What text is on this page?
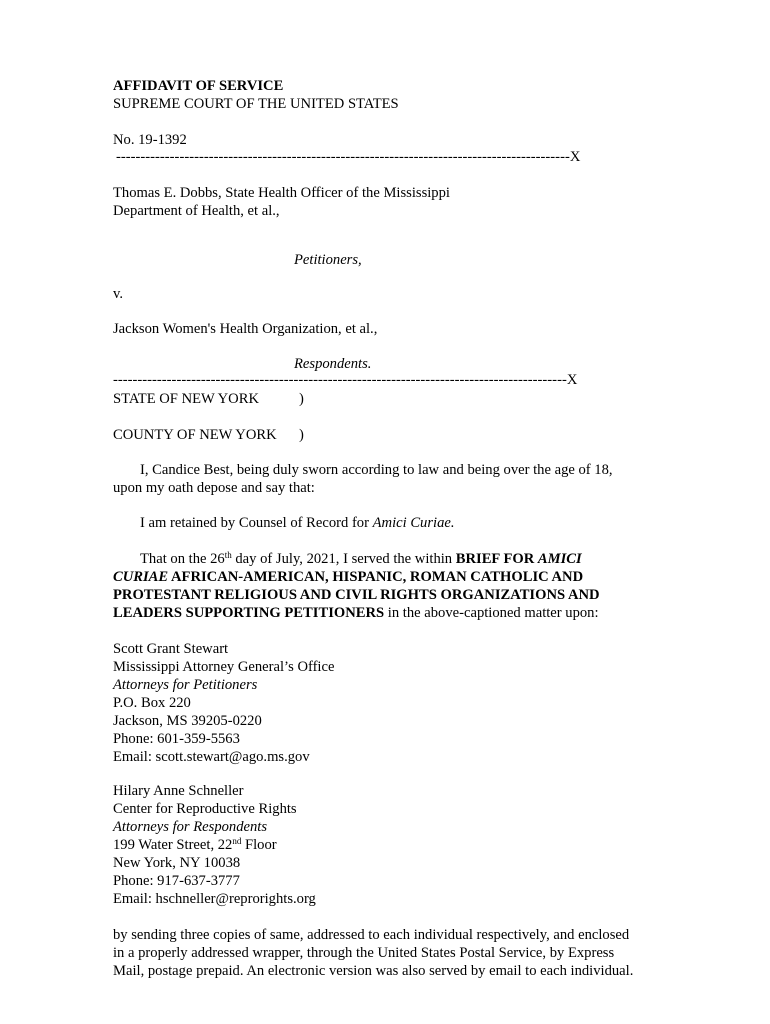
AFFIDAVIT OF SERVICE
SUPREME COURT OF THE UNITED STATES
No. 19-1392
---------------------------------------------------------------------------------------------X
Thomas E. Dobbs, State Health Officer of the Mississippi
Department of Health, et al.,
Petitioners,
v.
Jackson Women's Health Organization, et al.,
Respondents.
---------------------------------------------------------------------------------------------X
STATE OF NEW YORK	)
COUNTY OF NEW YORK )
I, Candice Best, being duly sworn according to law and being over the age of 18,
upon my oath depose and say that:
I am retained by Counsel of Record for Amici Curiae.
That on the 26th day of July, 2021, I served the within BRIEF FOR AMICI
CURIAE AFRICAN-AMERICAN, HISPANIC, ROMAN CATHOLIC AND
PROTESTANT RELIGIOUS AND CIVIL RIGHTS ORGANIZATIONS AND
LEADERS SUPPORTING PETITIONERS in the above-captioned matter upon:
Scott Grant Stewart
Mississippi Attorney General’s Office
Attorneys for Petitioners
P.O. Box 220
Jackson, MS 39205-0220
Phone: 601-359-5563
Email: scott.stewart@ago.ms.gov
Hilary Anne Schneller
Center for Reproductive Rights
Attorneys for Respondents
199 Water Street, 22nd Floor
New York, NY 10038
Phone: 917-637-3777
Email: hschneller@reprorights.org
by sending three copies of same, addressed to each individual respectively, and enclosed
in a properly addressed wrapper, through the United States Postal Service, by Express
Mail, postage prepaid. An electronic version was also served by email to each individual.
